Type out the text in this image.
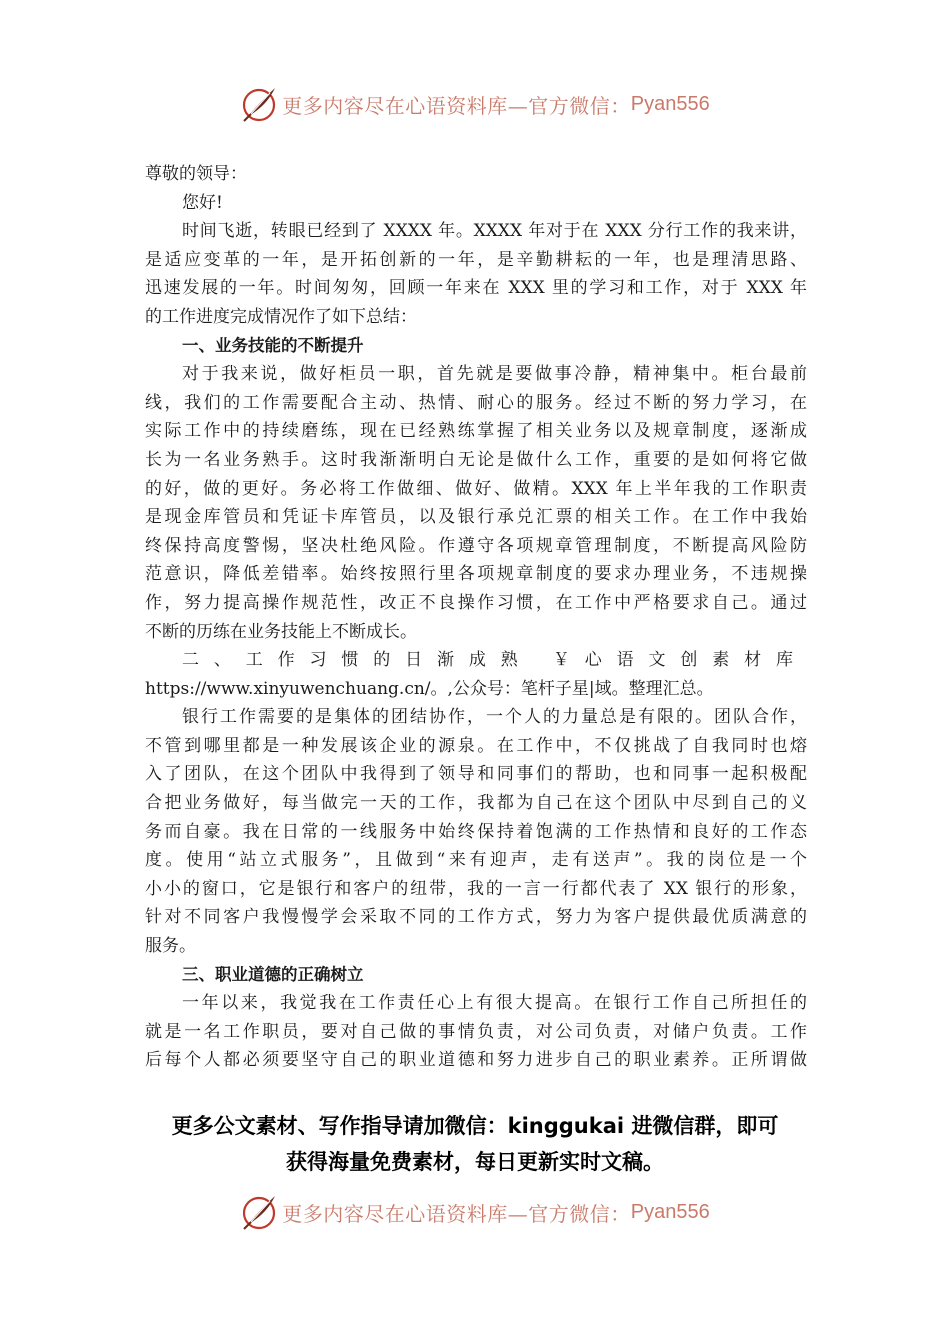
更多内容尽在心语资料库—官方微信： Pyan556
尊敬的领导：
您好!
时间飞逝，转眼已经到了 XXXX 年。XXXX 年对于在 XXX 分行工作的我来讲，
是适应变革的一年，是开拓创新的一年，是辛勤耕耘的一年，也是理清思路、
迅速发展的一年。时间匆匆，回顾一年来在 XXX 里的学习和工作，对于 XXX 年
的工作进度完成情况作了如下总结：
一、业务技能的不断提升
对于我来说，做好柜员一职，首先就是要做事冷静，精神集中。柜台最前
线，我们的工作需要配合主动、热情、耐心的服务。经过不断的努力学习，在
实际工作中的持续磨练，现在已经熟练掌握了相关业务以及规章制度，逐渐成
长为一名业务熟手。这时我渐渐明白无论是做什么工作，重要的是如何将它做
的好，做的更好。务必将工作做细、做好、做精。XXX 年上半年我的工作职责
是现金库管员和凭证卡库管员，以及银行承兑汇票的相关工作。在工作中我始
终保持高度警惕，坚决杜绝风险。作遵守各项规章管理制度，不断提高风险防
范意识，降低差错率。始终按照行里各项规章制度的要求办理业务，不违规操
作，努力提高操作规范性，改正不良操作习惯，在工作中严格要求自己。通过
不断的历练在业务技能上不断成长。
二、工作习惯的日渐成熟 ￥心语文创素材库
https://www.xinyuwenchuang.cn/。,公众号：笔杆子星|域。整理汇总。
银行工作需要的是集体的团结协作，一个人的力量总是有限的。团队合作，
不管到哪里都是一种发展该企业的源泉。在工作中，不仅挑战了自我同时也熔
入了团队，在这个团队中我得到了领导和同事们的帮助，也和同事一起积极配
合把业务做好，每当做完一天的工作，我都为自己在这个团队中尽到自己的义
务而自豪。我在日常的一线服务中始终保持着饱满的工作热情和良好的工作态
度。使用“站立式服务”，且做到“来有迎声，走有送声”。我的岗位是一个
小小的窗口，它是银行和客户的纽带，我的一言一行都代表了 XX 银行的形象，
针对不同客户我慢慢学会采取不同的工作方式，努力为客户提供最优质满意的
服务。
三、职业道德的正确树立
一年以来，我觉我在工作责任心上有很大提高。在银行工作自己所担任的
就是一名工作职员，要对自己做的事情负责，对公司负责，对储户负责。工作
后每个人都必须要坚守自己的职业道德和努力进步自己的职业素养。正所谓做
更多公文素材、写作指导请加微信：kinggukai 进微信群，即可
获得海量免费素材，每日更新实时文稿。
更多内容尽在心语资料库—官方微信： Pyan556
